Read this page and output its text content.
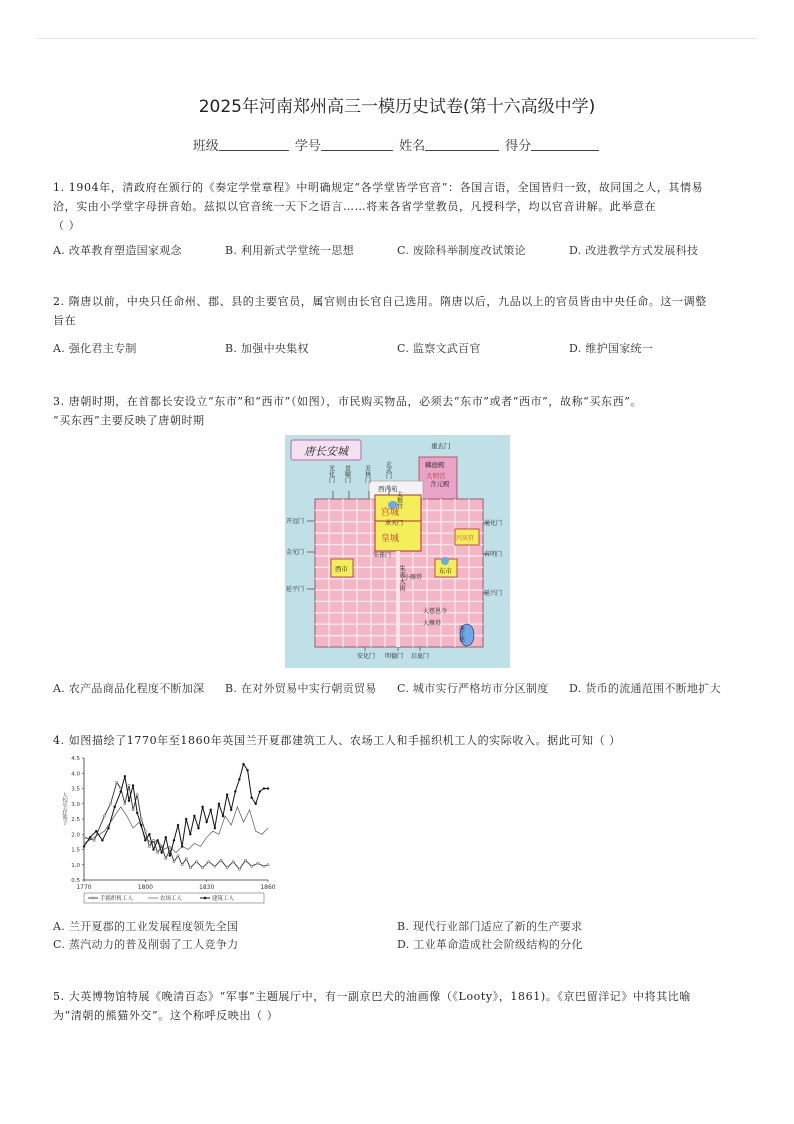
2025年河南郑州高三一模历史试卷(第十六高级中学)
班级	学号	姓名	得分
1. 1904年，清政府在颁行的《奏定学堂章程》中明确规定“各学堂皆学官音”：各国言语，全国皆归一致，故同国之人，其情易
洽，实由小学堂字母拼音始。兹拟以官音统一天下之语言……将来各省学堂教员，凡授科学，均以官音讲解。此举意在
（ ）
A. 改革教育塑造国家观念	B. 利用新式学堂统一思想	C. 废除科举制度改试策论	D. 改进教学方式发展科技
2. 隋唐以前，中央只任命州、郡、县的主要官员，属官则由长官自己选用。隋唐以后，九品以上的官员皆由中央任命。这一调整
旨在
A. 强化君主专制	B. 加强中央集权	C. 监察文武百官	D. 维护国家统一
3. 唐朝时期，在首都长安设立“东市”和“西市”（如图），市民购买物品，必须去“东市”或者“西市”，故称“买东西”。
“买东西”主要反映了唐朝时期
唐长安城	重玄门
麟德殿
大明宫
含元殿
西内苑
宫城
皇城
承天门
朱雀门
兴庆宫
西市	东市
开远门
金光门
延平门
通化门
春明门
延兴门
安化门 明德门 启夏门
小雁塔
大慈恩寺
大雁塔
光化门 景曜门 芳林门 玄武门
太极宫
朱雀大街
曲江池
A. 农产品商品化程度不断加深 B. 在对外贸易中实行朝贡贸易 C. 城市实行严格坊市分区制度 D. 货币的流通范围不断地扩大
4. 如图描绘了1770年至1860年英国兰开夏郡建筑工人、农场工人和手摇织机工人的实际收入。据此可知（ ）
0.5
1.0
1.5
2.0
2.5
3.0
3.5
4.0
4.5
1770	1800	1830	1860
人均生存篮子
手摇织机工人	农场工人	建筑工人
A. 兰开夏郡的工业发展程度领先全国	B. 现代行业部门适应了新的生产要求
C. 蒸汽动力的普及削弱了工人竞争力	D. 工业革命造成社会阶级结构的分化
5. 大英博物馆特展《晚清百态》“军事”主题展厅中，有一副京巴犬的油画像（《Looty》，1861)。《京巴留洋记》中将其比喻
为“清朝的熊猫外交”。这个称呼反映出（ ）
